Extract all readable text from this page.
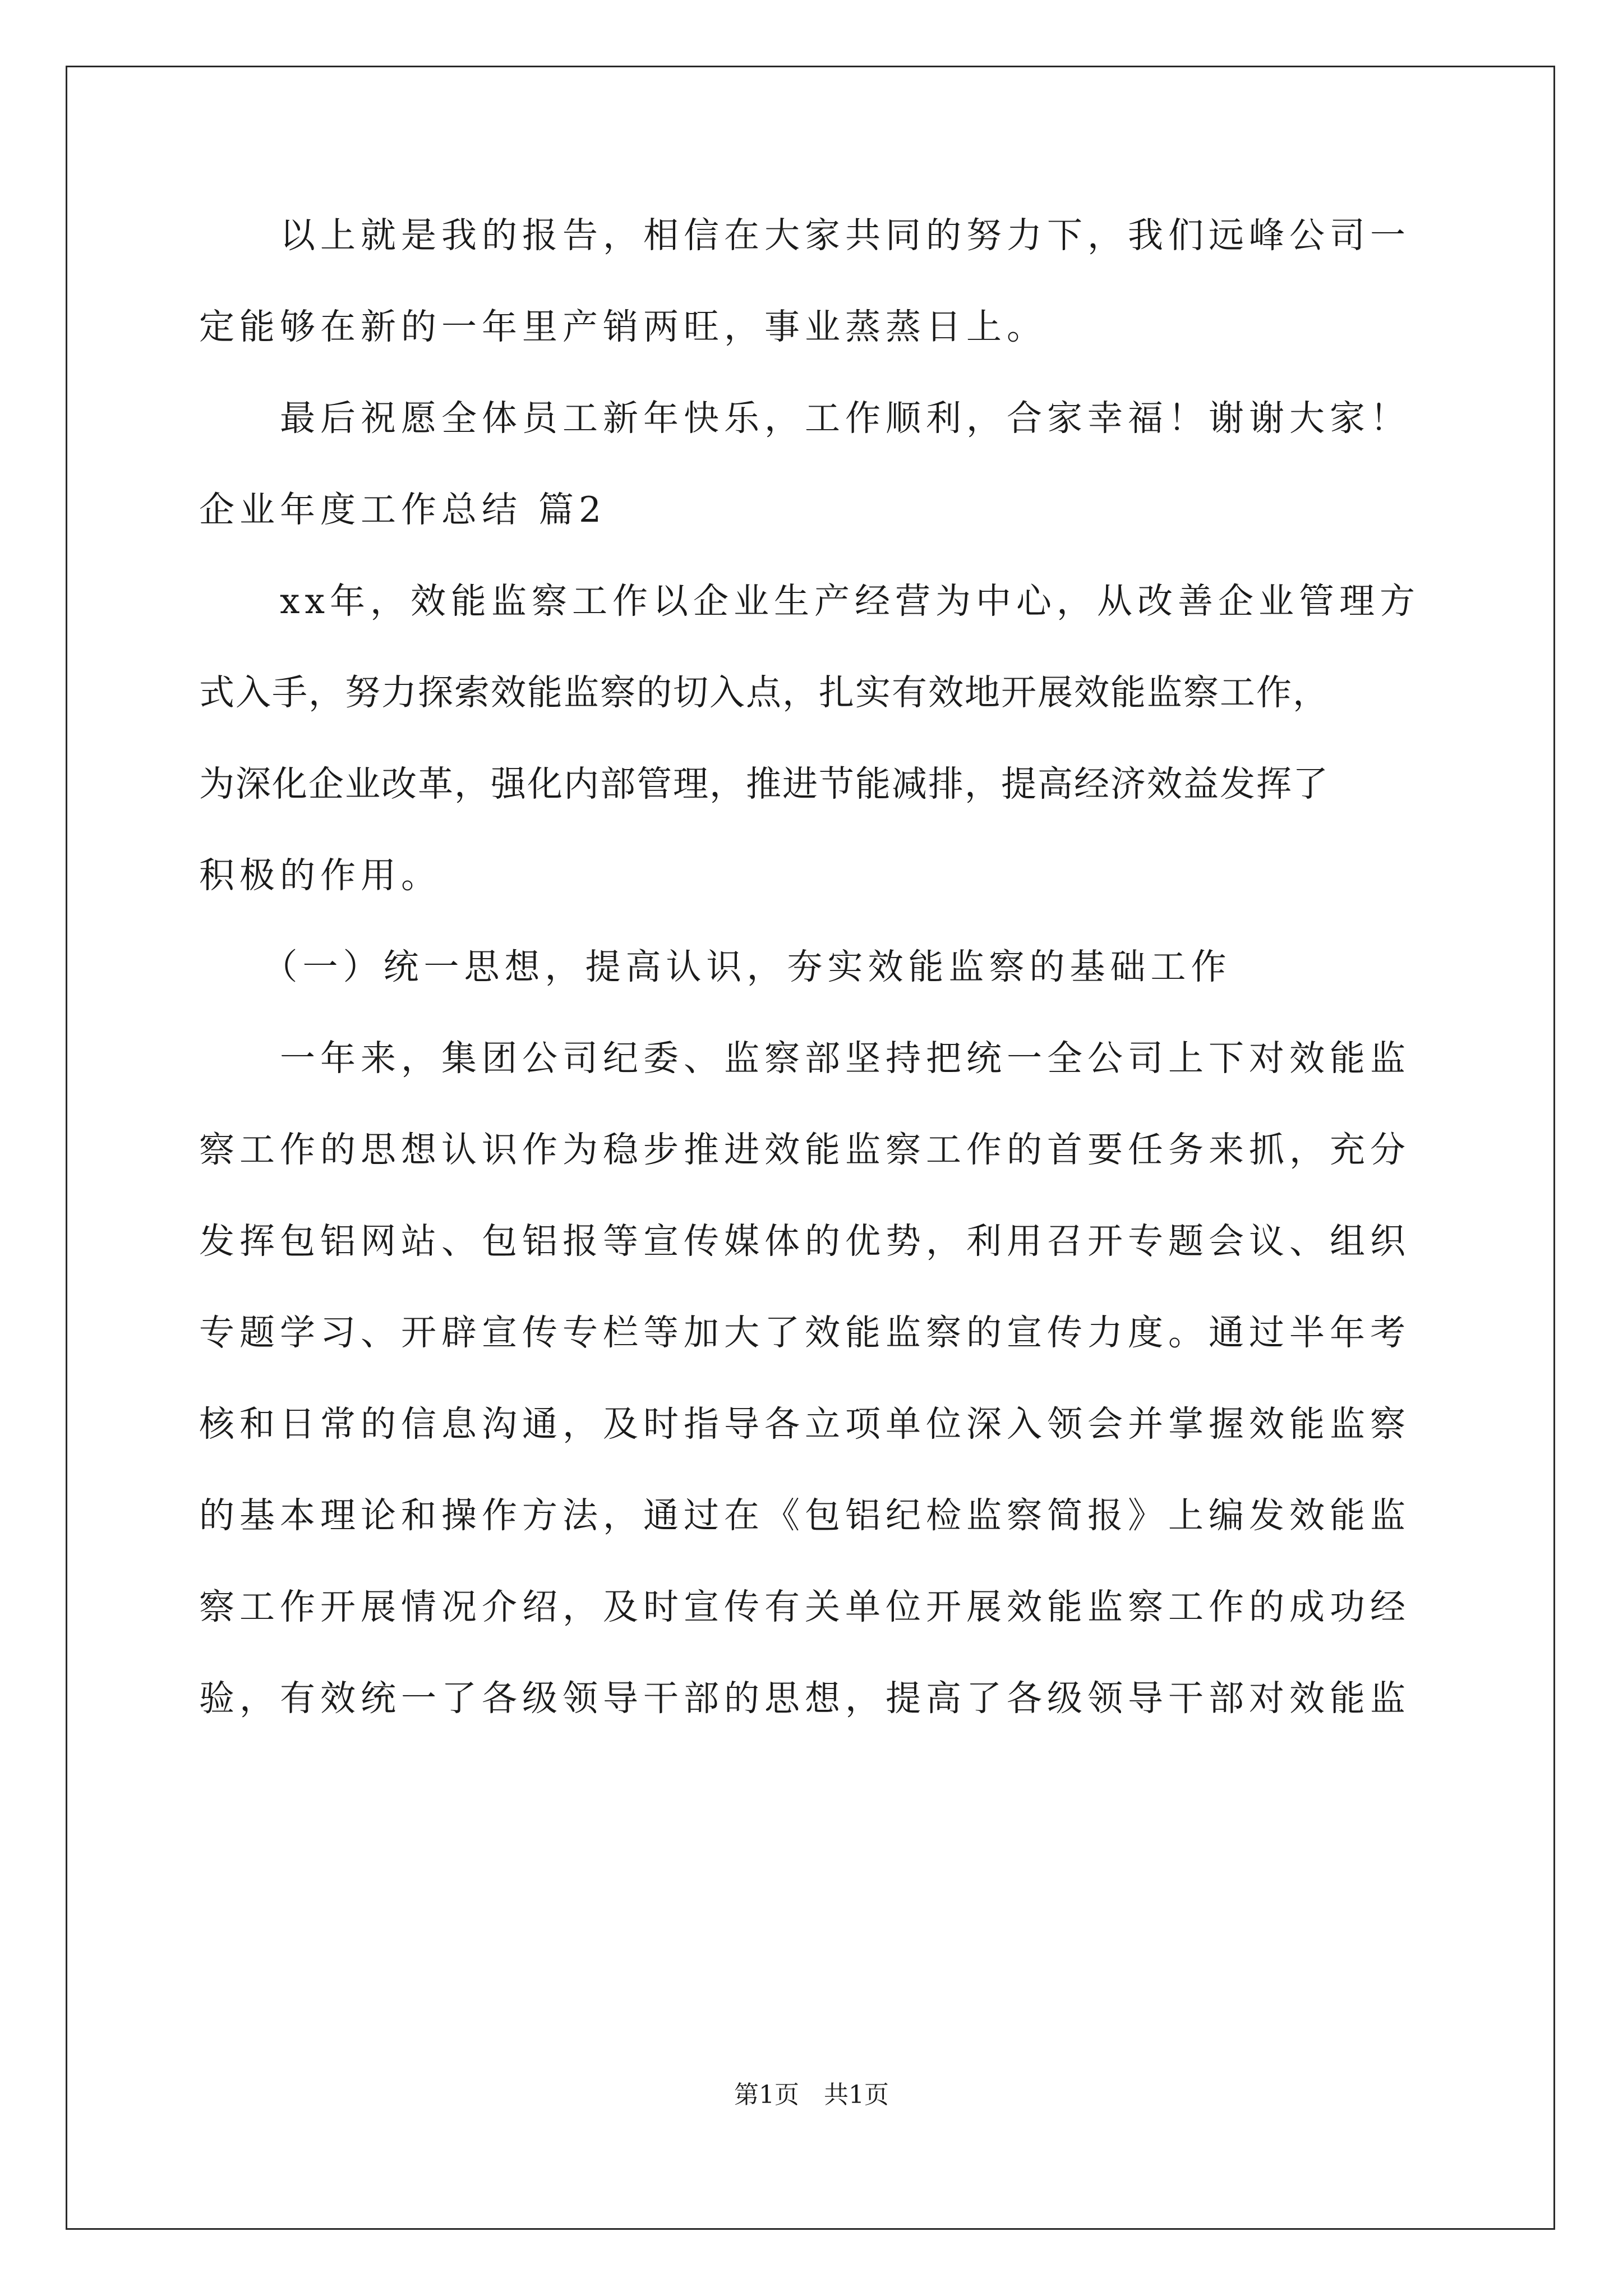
　　以上就是我的报告，相信在大家共同的努力下，我们远峰公司一
定能够在新的一年里产销两旺，事业蒸蒸日上。
　　最后祝愿全体员工新年快乐，工作顺利，合家幸福！谢谢大家！
企业年度工作总结 篇2
　　xx年，效能监察工作以企业生产经营为中心，从改善企业管理方
式入手，努力探索效能监察的切入点，扎实有效地开展效能监察工作，
为深化企业改革，强化内部管理，推进节能减排，提高经济效益发挥了
积极的作用。
　　（一）统一思想，提高认识，夯实效能监察的基础工作
　　一年来，集团公司纪委、监察部坚持把统一全公司上下对效能监
察工作的思想认识作为稳步推进效能监察工作的首要任务来抓，充分
发挥包铝网站、包铝报等宣传媒体的优势，利用召开专题会议、组织
专题学习、开辟宣传专栏等加大了效能监察的宣传力度。通过半年考
核和日常的信息沟通，及时指导各立项单位深入领会并掌握效能监察
的基本理论和操作方法，通过在《包铝纪检监察简报》上编发效能监
察工作开展情况介绍，及时宣传有关单位开展效能监察工作的成功经
验，有效统一了各级领导干部的思想，提高了各级领导干部对效能监
第1页　共1页
